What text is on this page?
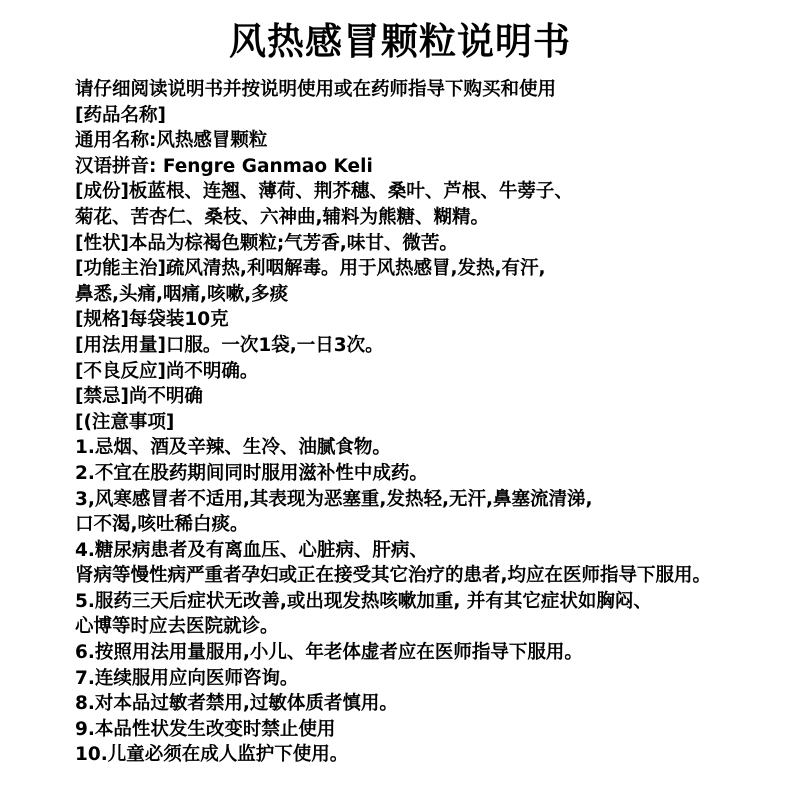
风热感冒颗粒说明书
请仔细阅读说明书并按说明使用或在药师指导下购买和使用
[药品名称]
通用名称:风热感冒颗粒
汉语拼音: Fengre Ganmao Keli
[成份]板蓝根、连翘、薄荷、荆芥穗、桑叶、芦根、牛蒡子、
菊花、苦杏仁、桑枝、六神曲,辅料为熊糖、糊精。
[性状]本品为棕褐色颗粒;气芳香,味甘、微苦。
[功能主治]疏风清热,利咽解毒。用于风热感冒,发热,有汗,
鼻悉,头痛,咽痛,咳嗽,多痰
[规格]每袋装10克
[用法用量]口服。一次1袋,一日3次。
[不良反应]尚不明确。
[禁忌]尚不明确
[(注意事项]
1.忌烟、酒及辛辣、生冷、油腻食物。
2.不宜在股药期间同时服用滋补性中成药。
3,风寒感冒者不适用,其表现为恶塞重,发热轻,无汗,鼻塞流清涕,
口不渴,咳吐稀白痰。
4.糖尿病患者及有离血压、心脏病、肝病、
肾病等慢性病严重者孕妇或正在接受其它治疗的患者,均应在医师指导下服用。
5.服药三天后症状无改善,或出现发热咳嗽加重, 并有其它症状如胸闷、
心博等时应去医院就诊。
6.按照用法用量服用,小儿、年老体虚者应在医师指导下服用。
7.连续服用应向医师咨询。
8.对本品过敏者禁用,过敏体质者慎用。
9.本品性状发生改变时禁止使用
10.儿童必须在成人监护下使用。
